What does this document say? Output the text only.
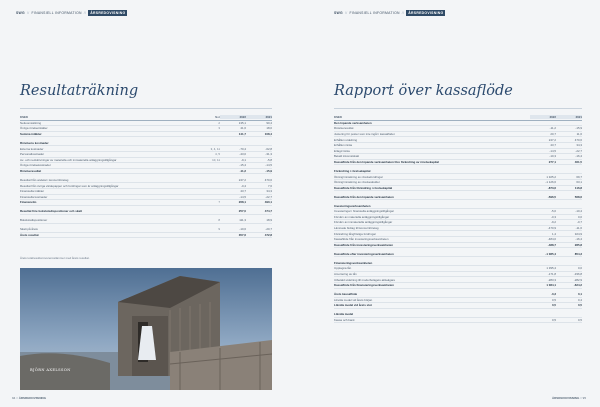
SWG // FINANSIELL INFORMATION // ÅRSREDOVISNING
Resultaträkning
KSEK	Not	2022	2021
Nettoomsättning	2	135,1	90,4
Övriga rörelseintäkter	3	41,6	18,0
Summa intäkter	141,7	108,4
Rörelsens kostnader
Externa kostnader	3, 4, 11	-70,4	-62,8
Personalkostnader	4, 5	-43,0	-31,3
Av- och nedskrivningar av materiella och immateriella anläggningstillgångar	10, 11	-9,1	-5,8
Övriga rörelsekostnader	-15,4	-14,5
Rörelseresultat	-11,2	-15,9
Resultat från andelar i koncernföretag	247,2	470,6
Resultat från övriga värdepapper och fordringar som är anläggningstillgångar	-0,4	7,6
Finansiella intäkter	43,7	34,3
Finansiella kostnader	-14,5	-22,7
Finansnetto	7	268,1	490,1
Resultat före bokslutsdispositioner och skatt	257,0	474,7
Bokslutsdispositioner	8	111,3	18,9
Skatt på årets	9	-10,6	-20,7
Årets resultat	357,6	472,8
Årets totalresultat överensstämmer med årets resultat.
BJÖRN AXELSSON
94 // ÅRSREDOVISNING
SWG // FINANSIELL INFORMATION // ÅRSREDOVISNING
Rapport över kassaflöde
KSEK	2022	2021
Den löpande verksamheten
Rörelseresultat	-11,2	-15,9
Justering för poster som inte ingår i kassaflödet	20,7	11,6
Erhållen utdelning	247,2	470,6
Erhållen ränta	43,7	34,3
Erlagd ränta	-14,5	-22,7
Betald inkomstskatt	-10,3	-16,4
Kassaflöde från den löpande verksamheten före förändring av rörelsekapital	277,1	461,5
Förändring i rörelsekapital
Ökning/minskning av rörelsefordringar	1 325,2	69,7
Ökning/minskning av rörelseskulder	-1 126,6	63,1
Kassaflöde från förändring i rörelsekapital	-873,6	116,8
Kassaflöde från den löpande verksamheten	-596,5	568,6
Investeringsverksamheten
Investeringar i finansiella anläggningstillgångar	-5,0	-10,4
Förvärv av materiella anläggningstillgångar	-0,3	0,0
Förvärv av immateriella anläggningstillgångar	-9,2	-0,7
Lämnade bidrag till koncernföretag	-470,9	-11,6
Förändring långfristiga fordringar	1,4	324,9
Kassaflöde från investeringsverksamheten	-484,0	-16,4
Kassaflöde från investeringsverksamheten	-488,7	285,8
Kassaflöde efter investeringsverksamheten	-1 085,4	854,3
Finansieringsverksamheten
Upptagna lån	1 395,4	0,0
Amortering av lån	-171,8	-336,8
Utbetald utdelning till moderbolagets aktieägare	-283,3	-282,9
Kassaflöde från finansieringsverksamheten	1 084,1	-624,2
Årets kassaflöde	-0,3	0,1
Likvida medel vid årets början	0,5	0,4
Likvida medel vid årets slut	0,5	0,5
Likvida medel
Kassa och bank	0,5	0,5
ÅRSREDOVISNING // 95
